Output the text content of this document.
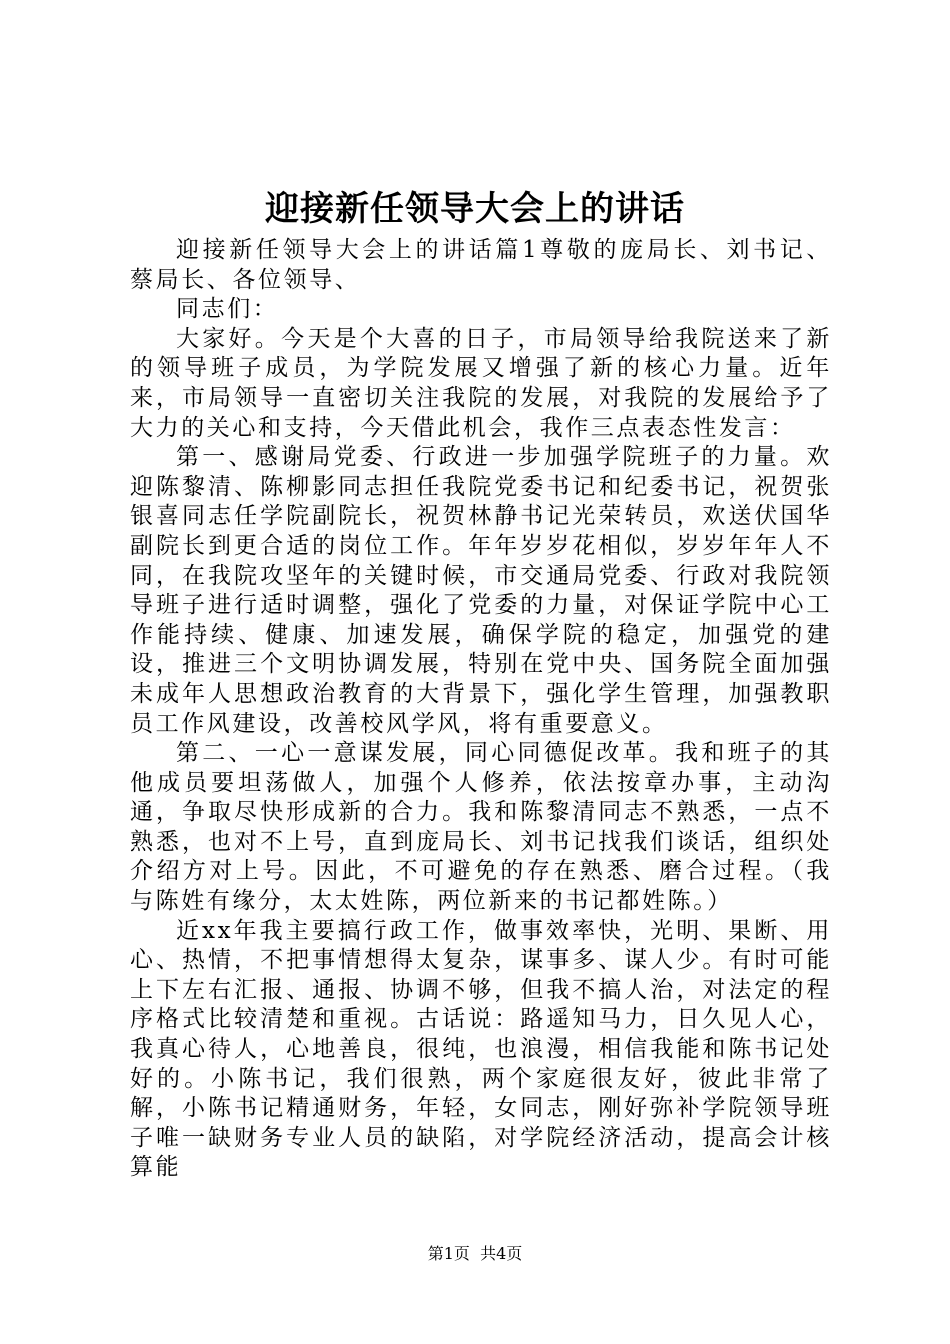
迎接新任领导大会上的讲话

迎接新任领导大会上的讲话篇1尊敬的庞局长、刘书记、蔡局长、各位领导、

同志们：

大家好。今天是个大喜的日子，市局领导给我院送来了新的领导班子成员，为学院发展又增强了新的核心力量。近年来，市局领导一直密切关注我院的发展，对我院的发展给予了大力的关心和支持，今天借此机会，我作三点表态性发言：

第一、感谢局党委、行政进一步加强学院班子的力量。欢迎陈黎清、陈柳影同志担任我院党委书记和纪委书记，祝贺张银喜同志任学院副院长，祝贺林静书记光荣转员，欢送伏国华副院长到更合适的岗位工作。年年岁岁花相似，岁岁年年人不同，在我院攻坚年的关键时候，市交通局党委、行政对我院领导班子进行适时调整，强化了党委的力量，对保证学院中心工作能持续、健康、加速发展，确保学院的稳定，加强党的建设，推进三个文明协调发展，特别在党中央、国务院全面加强未成年人思想政治教育的大背景下，强化学生管理，加强教职员工作风建设，改善校风学风，将有重要意义。

第二、一心一意谋发展，同心同德促改革。我和班子的其他成员要坦荡做人，加强个人修养，依法按章办事，主动沟通，争取尽快形成新的合力。我和陈黎清同志不熟悉，一点不熟悉，也对不上号，直到庞局长、刘书记找我们谈话，组织处介绍方对上号。因此，不可避免的存在熟悉、磨合过程。（我与陈姓有缘分，太太姓陈，两位新来的书记都姓陈。）

近xx年我主要搞行政工作，做事效率快，光明、果断、用心、热情，不把事情想得太复杂，谋事多、谋人少。有时可能上下左右汇报、通报、协调不够，但我不搞人治，对法定的程序格式比较清楚和重视。古话说：路遥知马力，日久见人心，我真心待人，心地善良，很纯，也浪漫，相信我能和陈书记处好的。小陈书记，我们很熟，两个家庭很友好，彼此非常了解，小陈书记精通财务，年轻，女同志，刚好弥补学院领导班子唯一缺财务专业人员的缺陷，对学院经济活动，提高会计核算能

第1页 共4页
